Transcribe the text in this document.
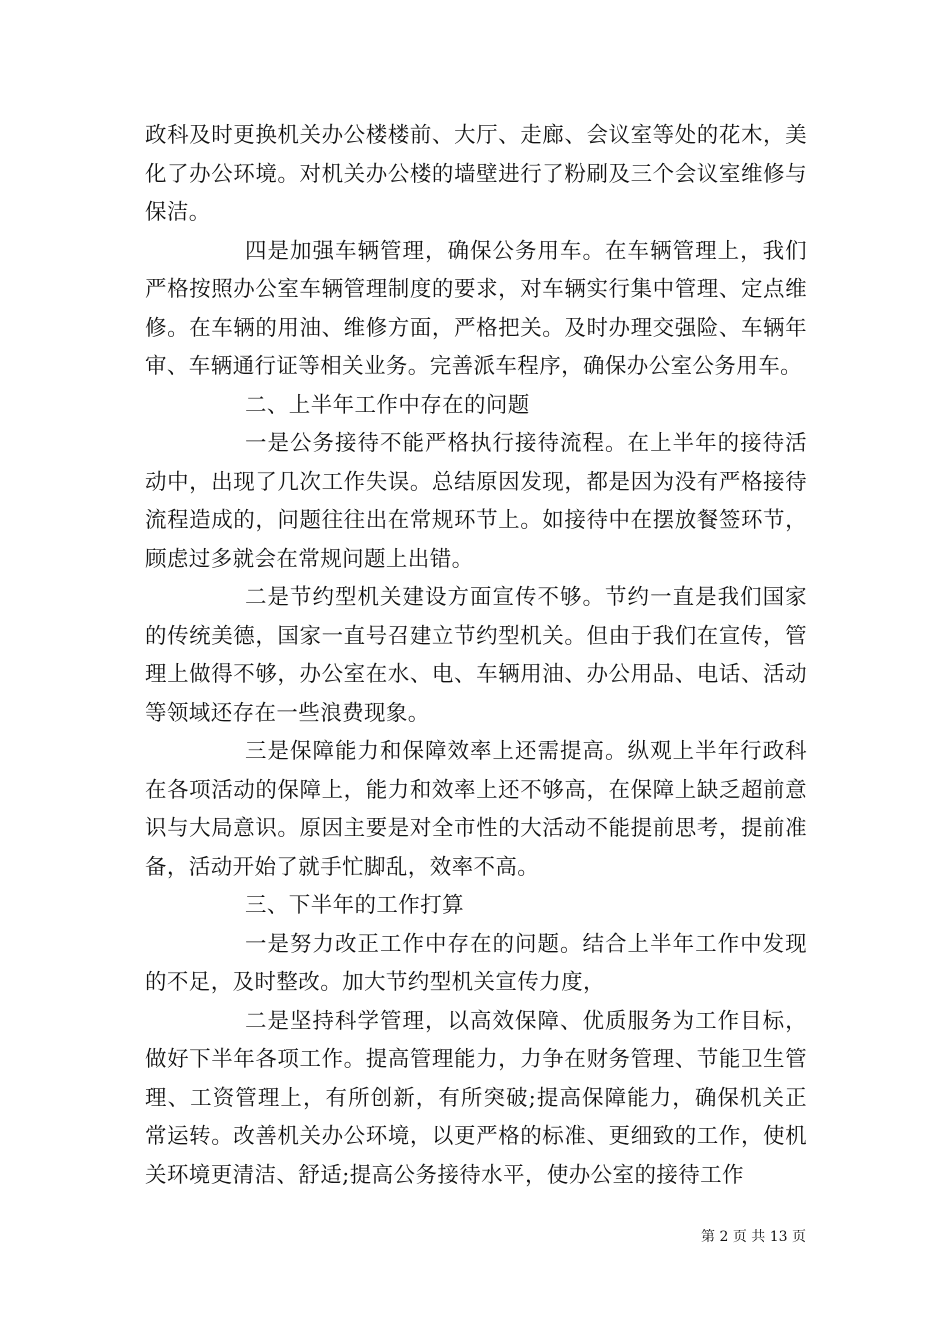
政科及时更换机关办公楼楼前、大厅、走廊、会议室等处的花木，美化了办公环境。对机关办公楼的墙壁进行了粉刷及三个会议室维修与保洁。

四是加强车辆管理，确保公务用车。在车辆管理上，我们严格按照办公室车辆管理制度的要求，对车辆实行集中管理、定点维修。在车辆的用油、维修方面，严格把关。及时办理交强险、车辆年审、车辆通行证等相关业务。完善派车程序，确保办公室公务用车。

二、上半年工作中存在的问题

一是公务接待不能严格执行接待流程。在上半年的接待活动中，出现了几次工作失误。总结原因发现，都是因为没有严格接待流程造成的，问题往往出在常规环节上。如接待中在摆放餐签环节，顾虑过多就会在常规问题上出错。

二是节约型机关建设方面宣传不够。节约一直是我们国家的传统美德，国家一直号召建立节约型机关。但由于我们在宣传，管理上做得不够，办公室在水、电、车辆用油、办公用品、电话、活动等领域还存在一些浪费现象。

三是保障能力和保障效率上还需提高。纵观上半年行政科在各项活动的保障上，能力和效率上还不够高，在保障上缺乏超前意识与大局意识。原因主要是对全市性的大活动不能提前思考，提前准备，活动开始了就手忙脚乱，效率不高。

三、下半年的工作打算

一是努力改正工作中存在的问题。结合上半年工作中发现的不足，及时整改。加大节约型机关宣传力度，

二是坚持科学管理，以高效保障、优质服务为工作目标，做好下半年各项工作。提高管理能力，力争在财务管理、节能卫生管理、工资管理上，有所创新，有所突破;提高保障能力，确保机关正常运转。改善机关办公环境，以更严格的标准、更细致的工作，使机关环境更清洁、舒适;提高公务接待水平，使办公室的接待工作

第 2 页 共 13 页
